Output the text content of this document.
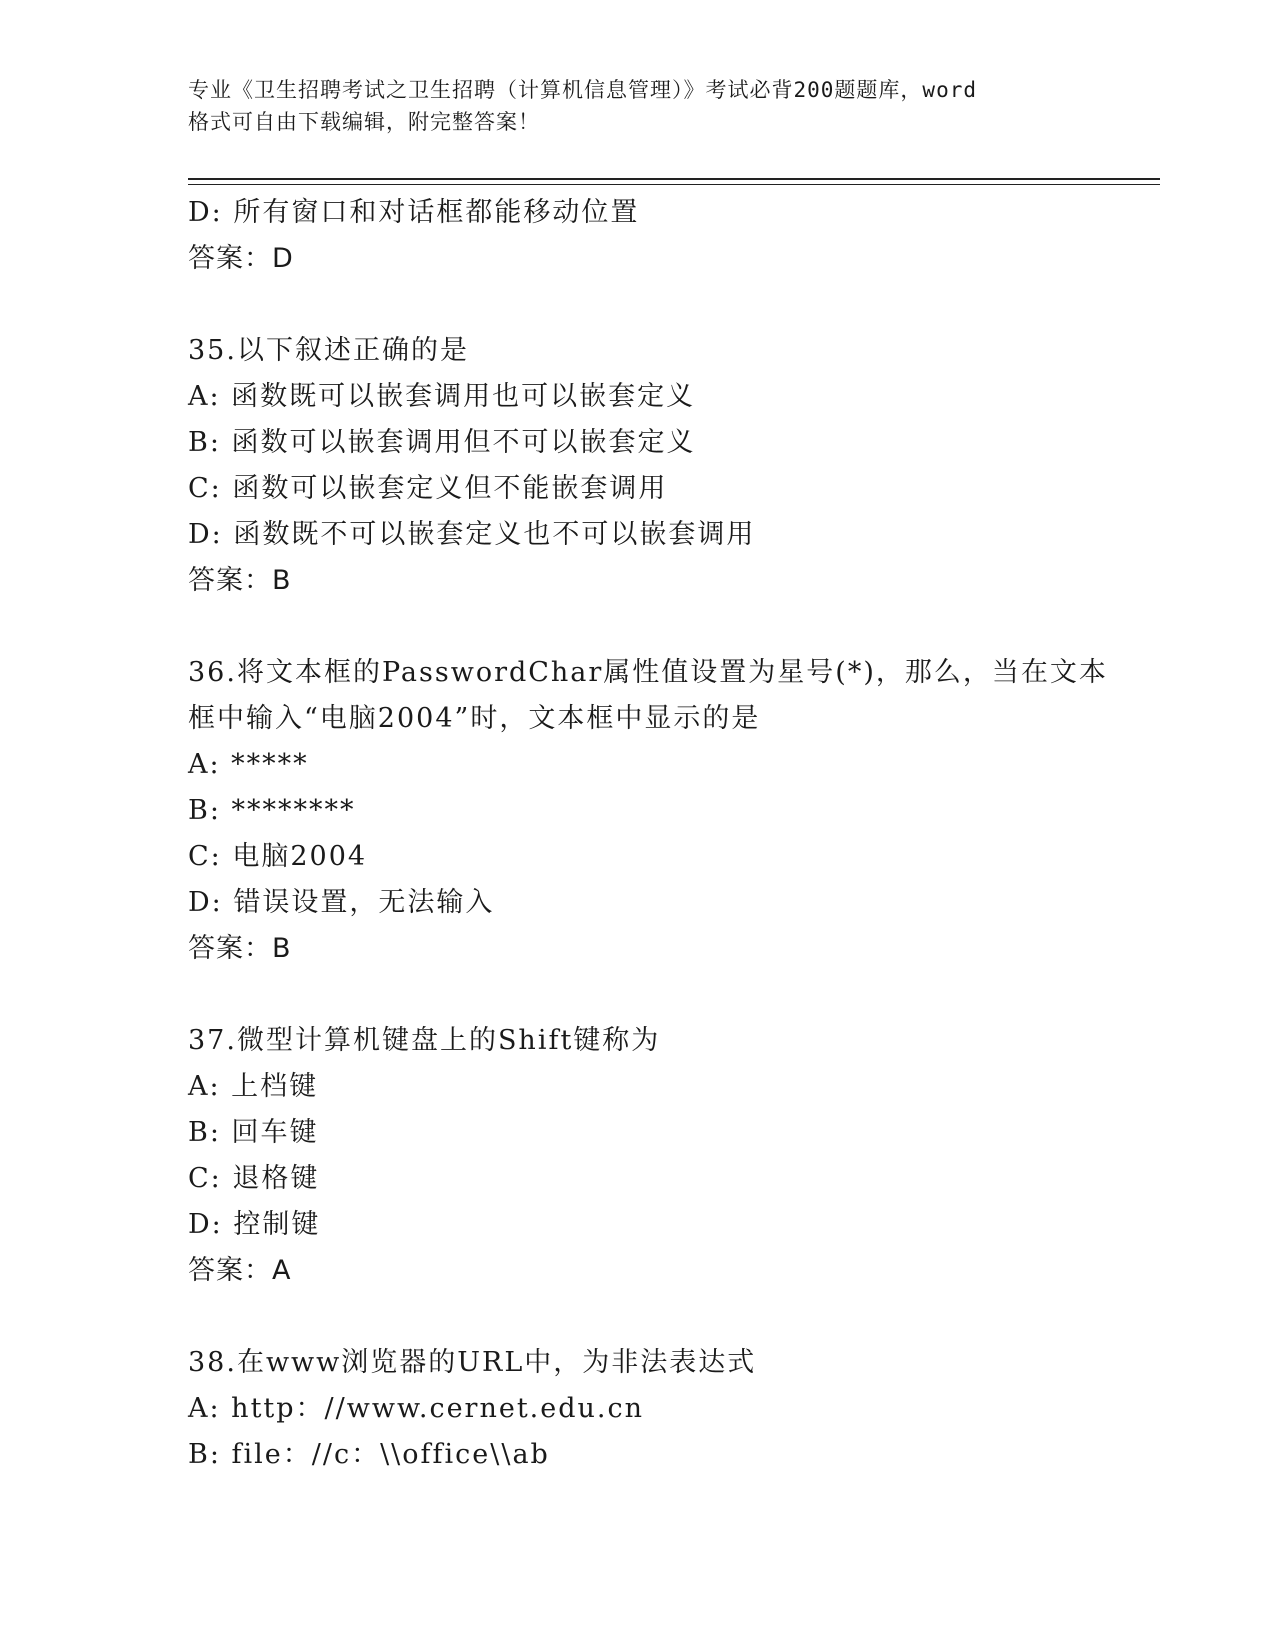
专业《卫生招聘考试之卫生招聘（计算机信息管理）》考试必背200题题库，word
格式可自由下载编辑，附完整答案！
D: 所有窗口和对话框都能移动位置
答案：D
35.以下叙述正确的是
A: 函数既可以嵌套调用也可以嵌套定义
B: 函数可以嵌套调用但不可以嵌套定义
C: 函数可以嵌套定义但不能嵌套调用
D: 函数既不可以嵌套定义也不可以嵌套调用
答案：B
36.将文本框的PasswordChar属性值设置为星号(*)，那么，当在文本
框中输入“电脑2004”时，文本框中显示的是
A: *****
B: ********
C: 电脑2004
D: 错误设置，无法输入
答案：B
37.微型计算机键盘上的Shift键称为
A: 上档键
B: 回车键
C: 退格键
D: 控制键
答案：A
38.在www浏览器的URL中，为非法表达式
A: http：//www.cernet.edu.cn
B: file：//c：\\office\\ab
